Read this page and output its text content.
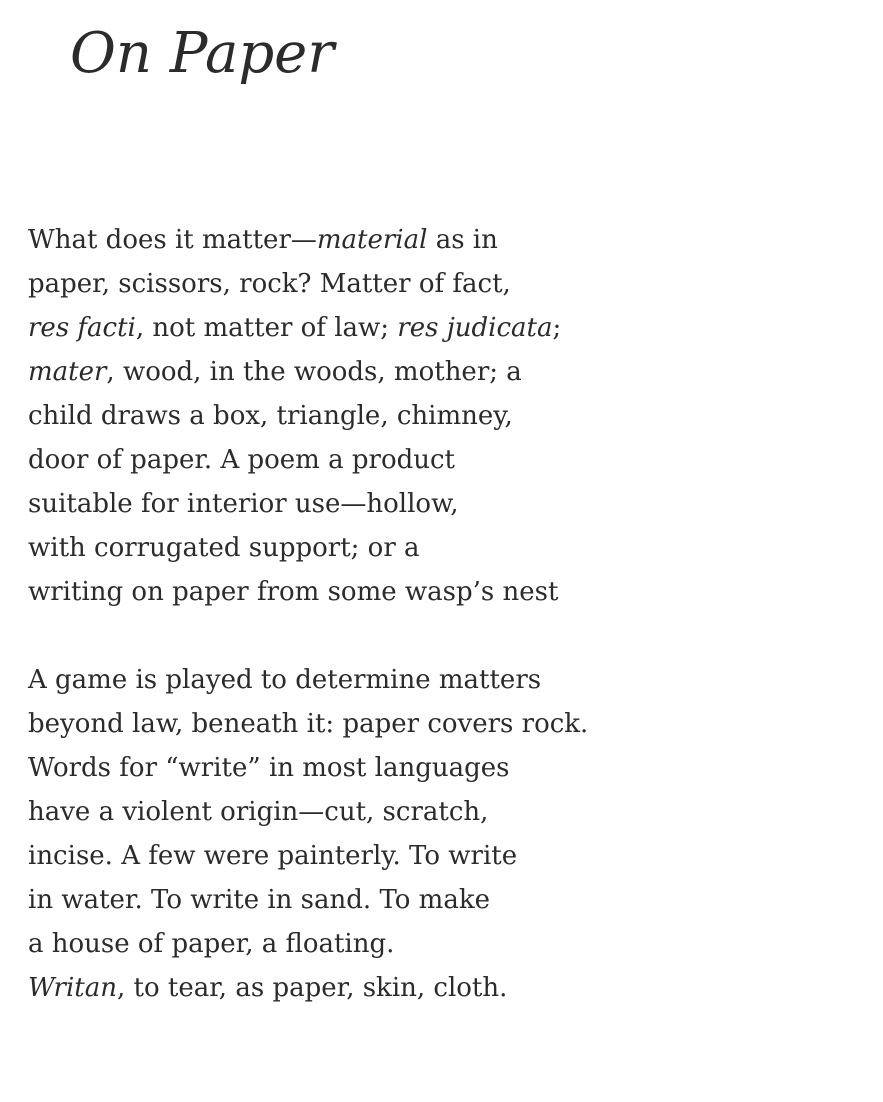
On Paper
What does it matter—material as in
paper, scissors, rock? Matter of fact,
res facti, not matter of law; res judicata;
mater, wood, in the woods, mother; a
child draws a box, triangle, chimney,
door of paper. A poem a product
suitable for interior use—hollow,
with corrugated support; or a
writing on paper from some wasp’s nest
A game is played to determine matters
beyond law, beneath it: paper covers rock.
Words for “write” in most languages
have a violent origin—cut, scratch,
incise. A few were painterly. To write
in water. To write in sand. To make
a house of paper, a floating.
Writan, to tear, as paper, skin, cloth.
